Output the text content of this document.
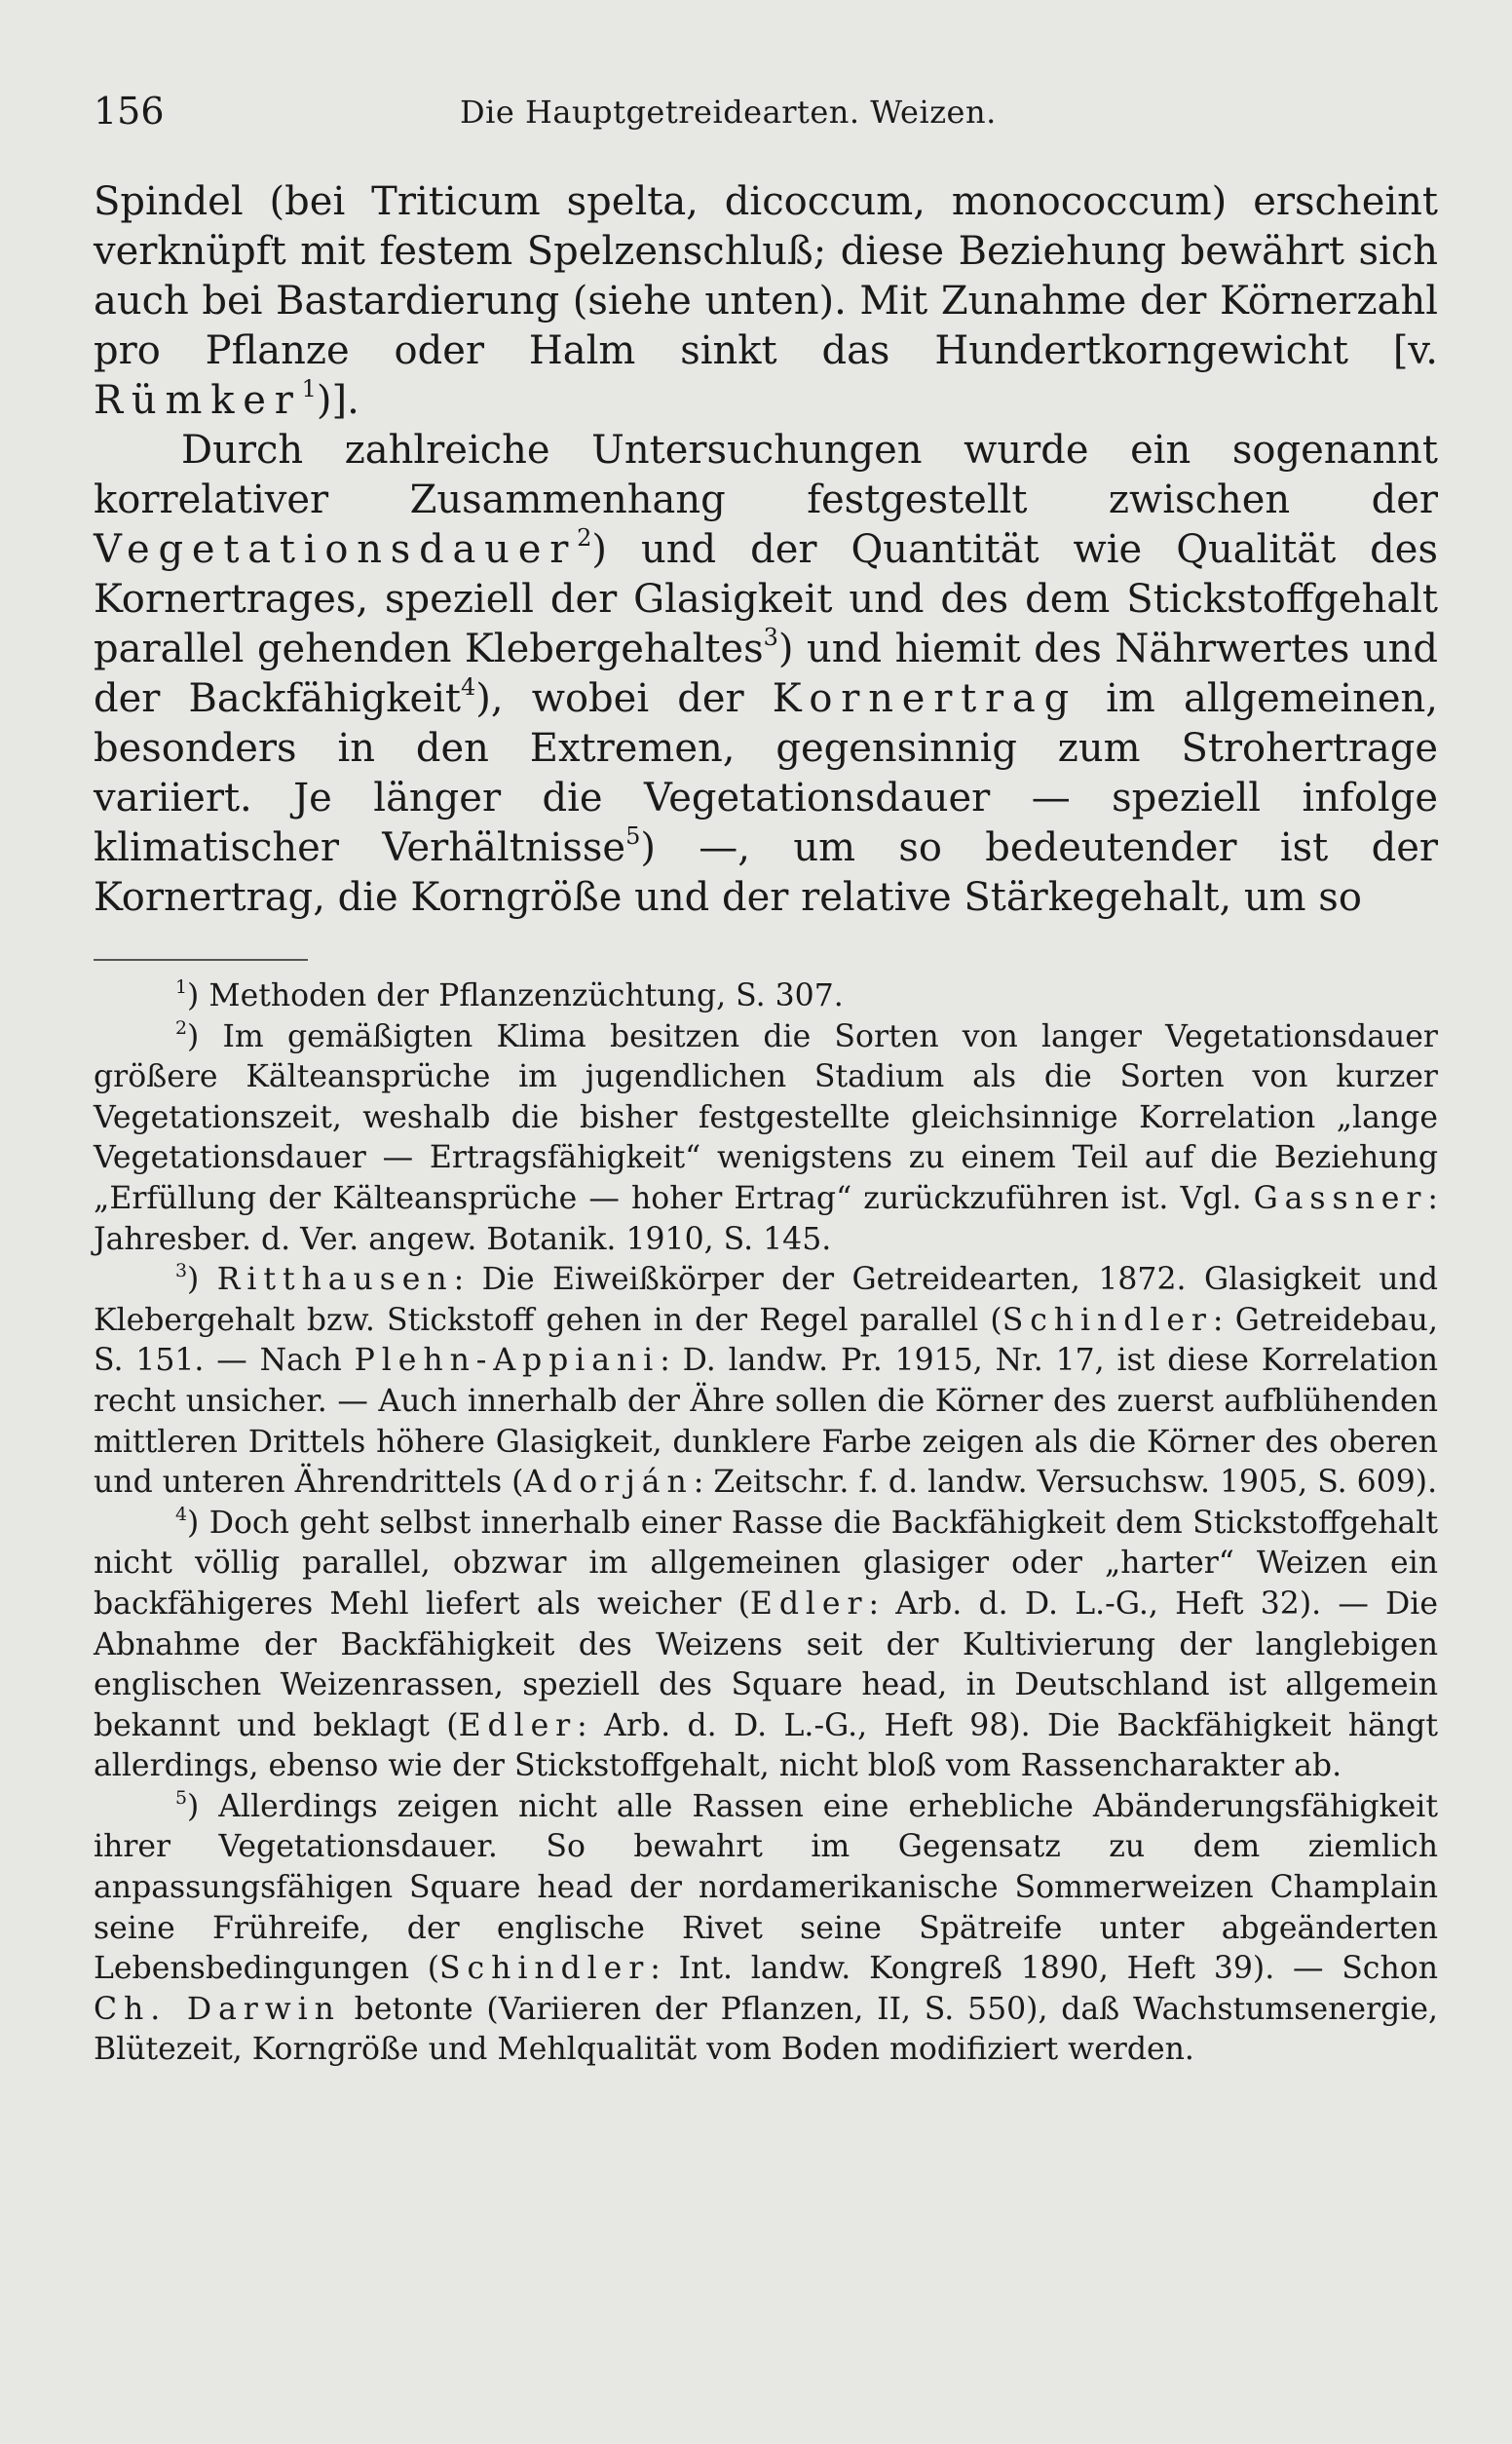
156	Die Hauptgetreidearten. Weizen.

Spindel (bei Triticum spelta, dicoccum, monococcum) erscheint verknüpft mit festem Spelzenschluß; diese Beziehung bewährt sich auch bei Bastardierung (siehe unten). Mit Zunahme der Körnerzahl pro Pflanze oder Halm sinkt das Hundertkorngewicht [v. Rümker$^1$)].

Durch zahlreiche Untersuchungen wurde ein sogenannt korrelativer Zusammenhang festgestellt zwischen der Vegetationsdauer$^2$) und der Quantität wie Qualität des Kornertrages, speziell der Glasigkeit und des dem Stickstoffgehalt parallel gehenden Klebergehaltes$^3$) und hiemit des Nährwertes und der Backfähigkeit$^4$), wobei der Kornertrag im allgemeinen, besonders in den Extremen, gegensinnig zum Strohertrage variiert. Je länger die Vegetationsdauer — speziell infolge klimatischer Verhältnisse$^5$) —, um so bedeutender ist der Kornertrag, die Korngröße und der relative Stärkegehalt, um so

$^1$) Methoden der Pflanzenzüchtung, S. 307.

$^2$) Im gemäßigten Klima besitzen die Sorten von langer Vegetationsdauer größere Kälteansprüche im jugendlichen Stadium als die Sorten von kurzer Vegetationszeit, weshalb die bisher festgestellte gleichsinnige Korrelation „lange Vegetationsdauer — Ertragsfähigkeit“ wenigstens zu einem Teil auf die Beziehung „Erfüllung der Kälteansprüche — hoher Ertrag“ zurückzuführen ist. Vgl. Gassner: Jahresber. d. Ver. angew. Botanik. 1910, S. 145.

$^3$) Ritthausen: Die Eiweißkörper der Getreidearten, 1872. Glasigkeit und Klebergehalt bzw. Stickstoff gehen in der Regel parallel (Schindler: Getreidebau, S. 151. — Nach Plehn-Appiani: D. landw. Pr. 1915, Nr. 17, ist diese Korrelation recht unsicher. — Auch innerhalb der Ähre sollen die Körner des zuerst aufblühenden mittleren Drittels höhere Glasigkeit, dunklere Farbe zeigen als die Körner des oberen und unteren Ährendrittels (Adorján: Zeitschr. f. d. landw. Versuchsw. 1905, S. 609).

$^4$) Doch geht selbst innerhalb einer Rasse die Backfähigkeit dem Stickstoffgehalt nicht völlig parallel, obzwar im allgemeinen glasiger oder „harter“ Weizen ein backfähigeres Mehl liefert als weicher (Edler: Arb. d. D. L.-G., Heft 32). — Die Abnahme der Backfähigkeit des Weizens seit der Kultivierung der langlebigen englischen Weizenrassen, speziell des Square head, in Deutschland ist allgemein bekannt und beklagt (Edler: Arb. d. D. L.-G., Heft 98). Die Backfähigkeit hängt allerdings, ebenso wie der Stickstoffgehalt, nicht bloß vom Rassencharakter ab.

$^5$) Allerdings zeigen nicht alle Rassen eine erhebliche Abänderungsfähigkeit ihrer Vegetationsdauer. So bewahrt im Gegensatz zu dem ziemlich anpassungsfähigen Square head der nordamerikanische Sommerweizen Champlain seine Frühreife, der englische Rivet seine Spätreife unter abgeänderten Lebensbedingungen (Schindler: Int. landw. Kongreß 1890, Heft 39). — Schon Ch. Darwin betonte (Variieren der Pflanzen, II, S. 550), daß Wachstumsenergie, Blütezeit, Korngröße und Mehlqualität vom Boden modifiziert werden.
